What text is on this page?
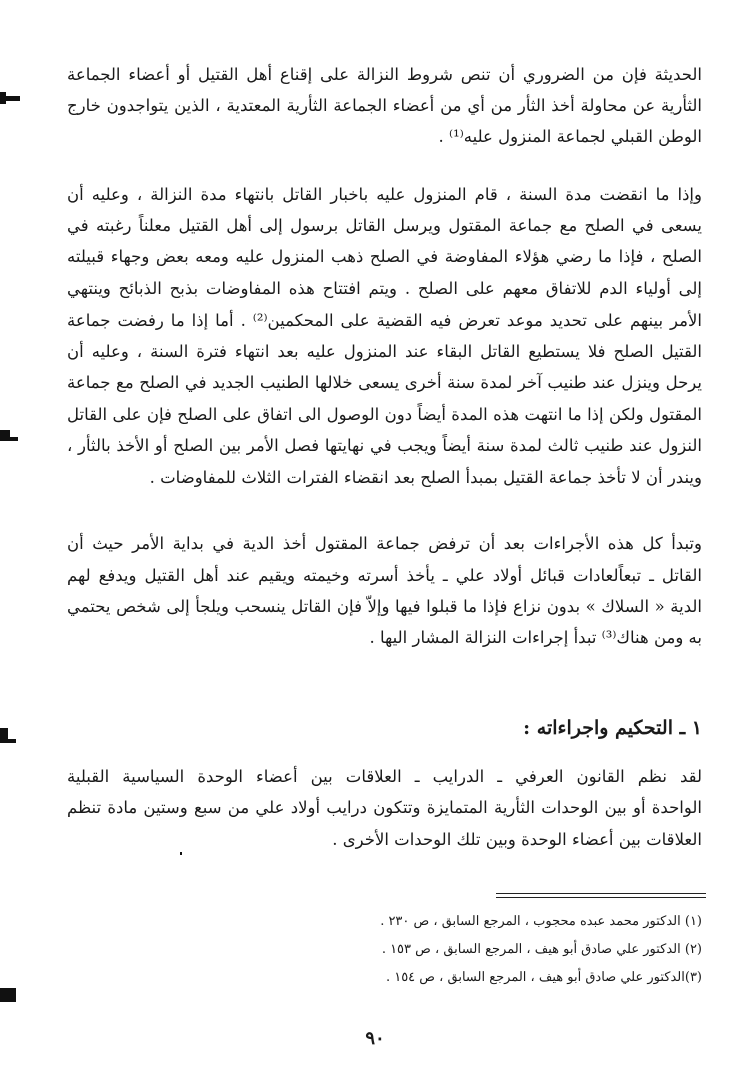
الحديثة فإن من الضروري أن تنص شروط النزالة على إقناع أهل القتيل أو أعضاء الجماعة
الثأرية عن محاولة أخذ الثأر من أي من أعضاء الجماعة الثأرية المعتدية ، الذين يتواجدون خارج
الوطن القبلي لجماعة المنزول عليه⁽¹⁾ .
وإذا ما انقضت مدة السنة ، قام المنزول عليه باخبار القاتل بانتهاء مدة النزالة ، وعليه أن
يسعى في الصلح مع جماعة المقتول ويرسل القاتل برسول إلى أهل القتيل معلناً رغبته في
الصلح ، فإذا ما رضي هؤلاء المفاوضة في الصلح ذهب المنزول عليه ومعه بعض وجهاء قبيلته
إلى أولياء الدم للاتفاق معهم على الصلح . ويتم افتتاح هذه المفاوضات بذبح الذبائح وينتهي
الأمر بينهم على تحديد موعد تعرض فيه القضية على المحكمين⁽²⁾ . أما إذا ما رفضت جماعة
القتيل الصلح فلا يستطيع القاتل البقاء عند المنزول عليه بعد انتهاء فترة السنة ، وعليه أن
يرحل وينزل عند طنيب آخر لمدة سنة أخرى يسعى خلالها الطنيب الجديد في الصلح مع جماعة
المقتول ولكن إذا ما انتهت هذه المدة أيضاً دون الوصول الى اتفاق على الصلح فإن على القاتل
النزول عند طنيب ثالث لمدة سنة أيضاً ويجب في نهايتها فصل الأمر بين الصلح أو الأخذ بالثأر ،
ويندر أن لا تأخذ جماعة القتيل بمبدأ الصلح بعد انقضاء الفترات الثلاث للمفاوضات .
وتبدأ كل هذه الأجراءات بعد أن ترفض جماعة المقتول أخذ الدية في بداية الأمر حيث أن
القاتل ـ تبعاًلعادات قبائل أولاد علي ـ يأخذ أسرته وخيمته ويقيم عند أهل القتيل ويدفع لهم
الدية « السلاك » بدون نزاع فإذا ما قبلوا فيها وإلاّ فإن القاتل ينسحب ويلجأ إلى شخص يحتمي
به ومن هناك⁽³⁾ تبدأ إجراءات النزالة المشار اليها .
١ ـ التحكيم واجراءاته :
لقد نظم القانون العرفي ـ الدرايب ـ العلاقات بين أعضاء الوحدة السياسية القبلية
الواحدة أو بين الوحدات الثأرية المتمايزة وتتكون درايب أولاد علي من سبع وستين مادة تنظم
العلاقات بين أعضاء الوحدة وبين تلك الوحدات الأخرى .
(١) الدكتور محمد عبده محجوب ، المرجع السابق ، ص ٢٣٠ .
(٢) الدكتور علي صادق أبو هيف ، المرجع السابق ، ص ١٥٣ .
(٣)الدكتور علي صادق أبو هيف ، المرجع السابق ، ص ١٥٤ .
٩٠
